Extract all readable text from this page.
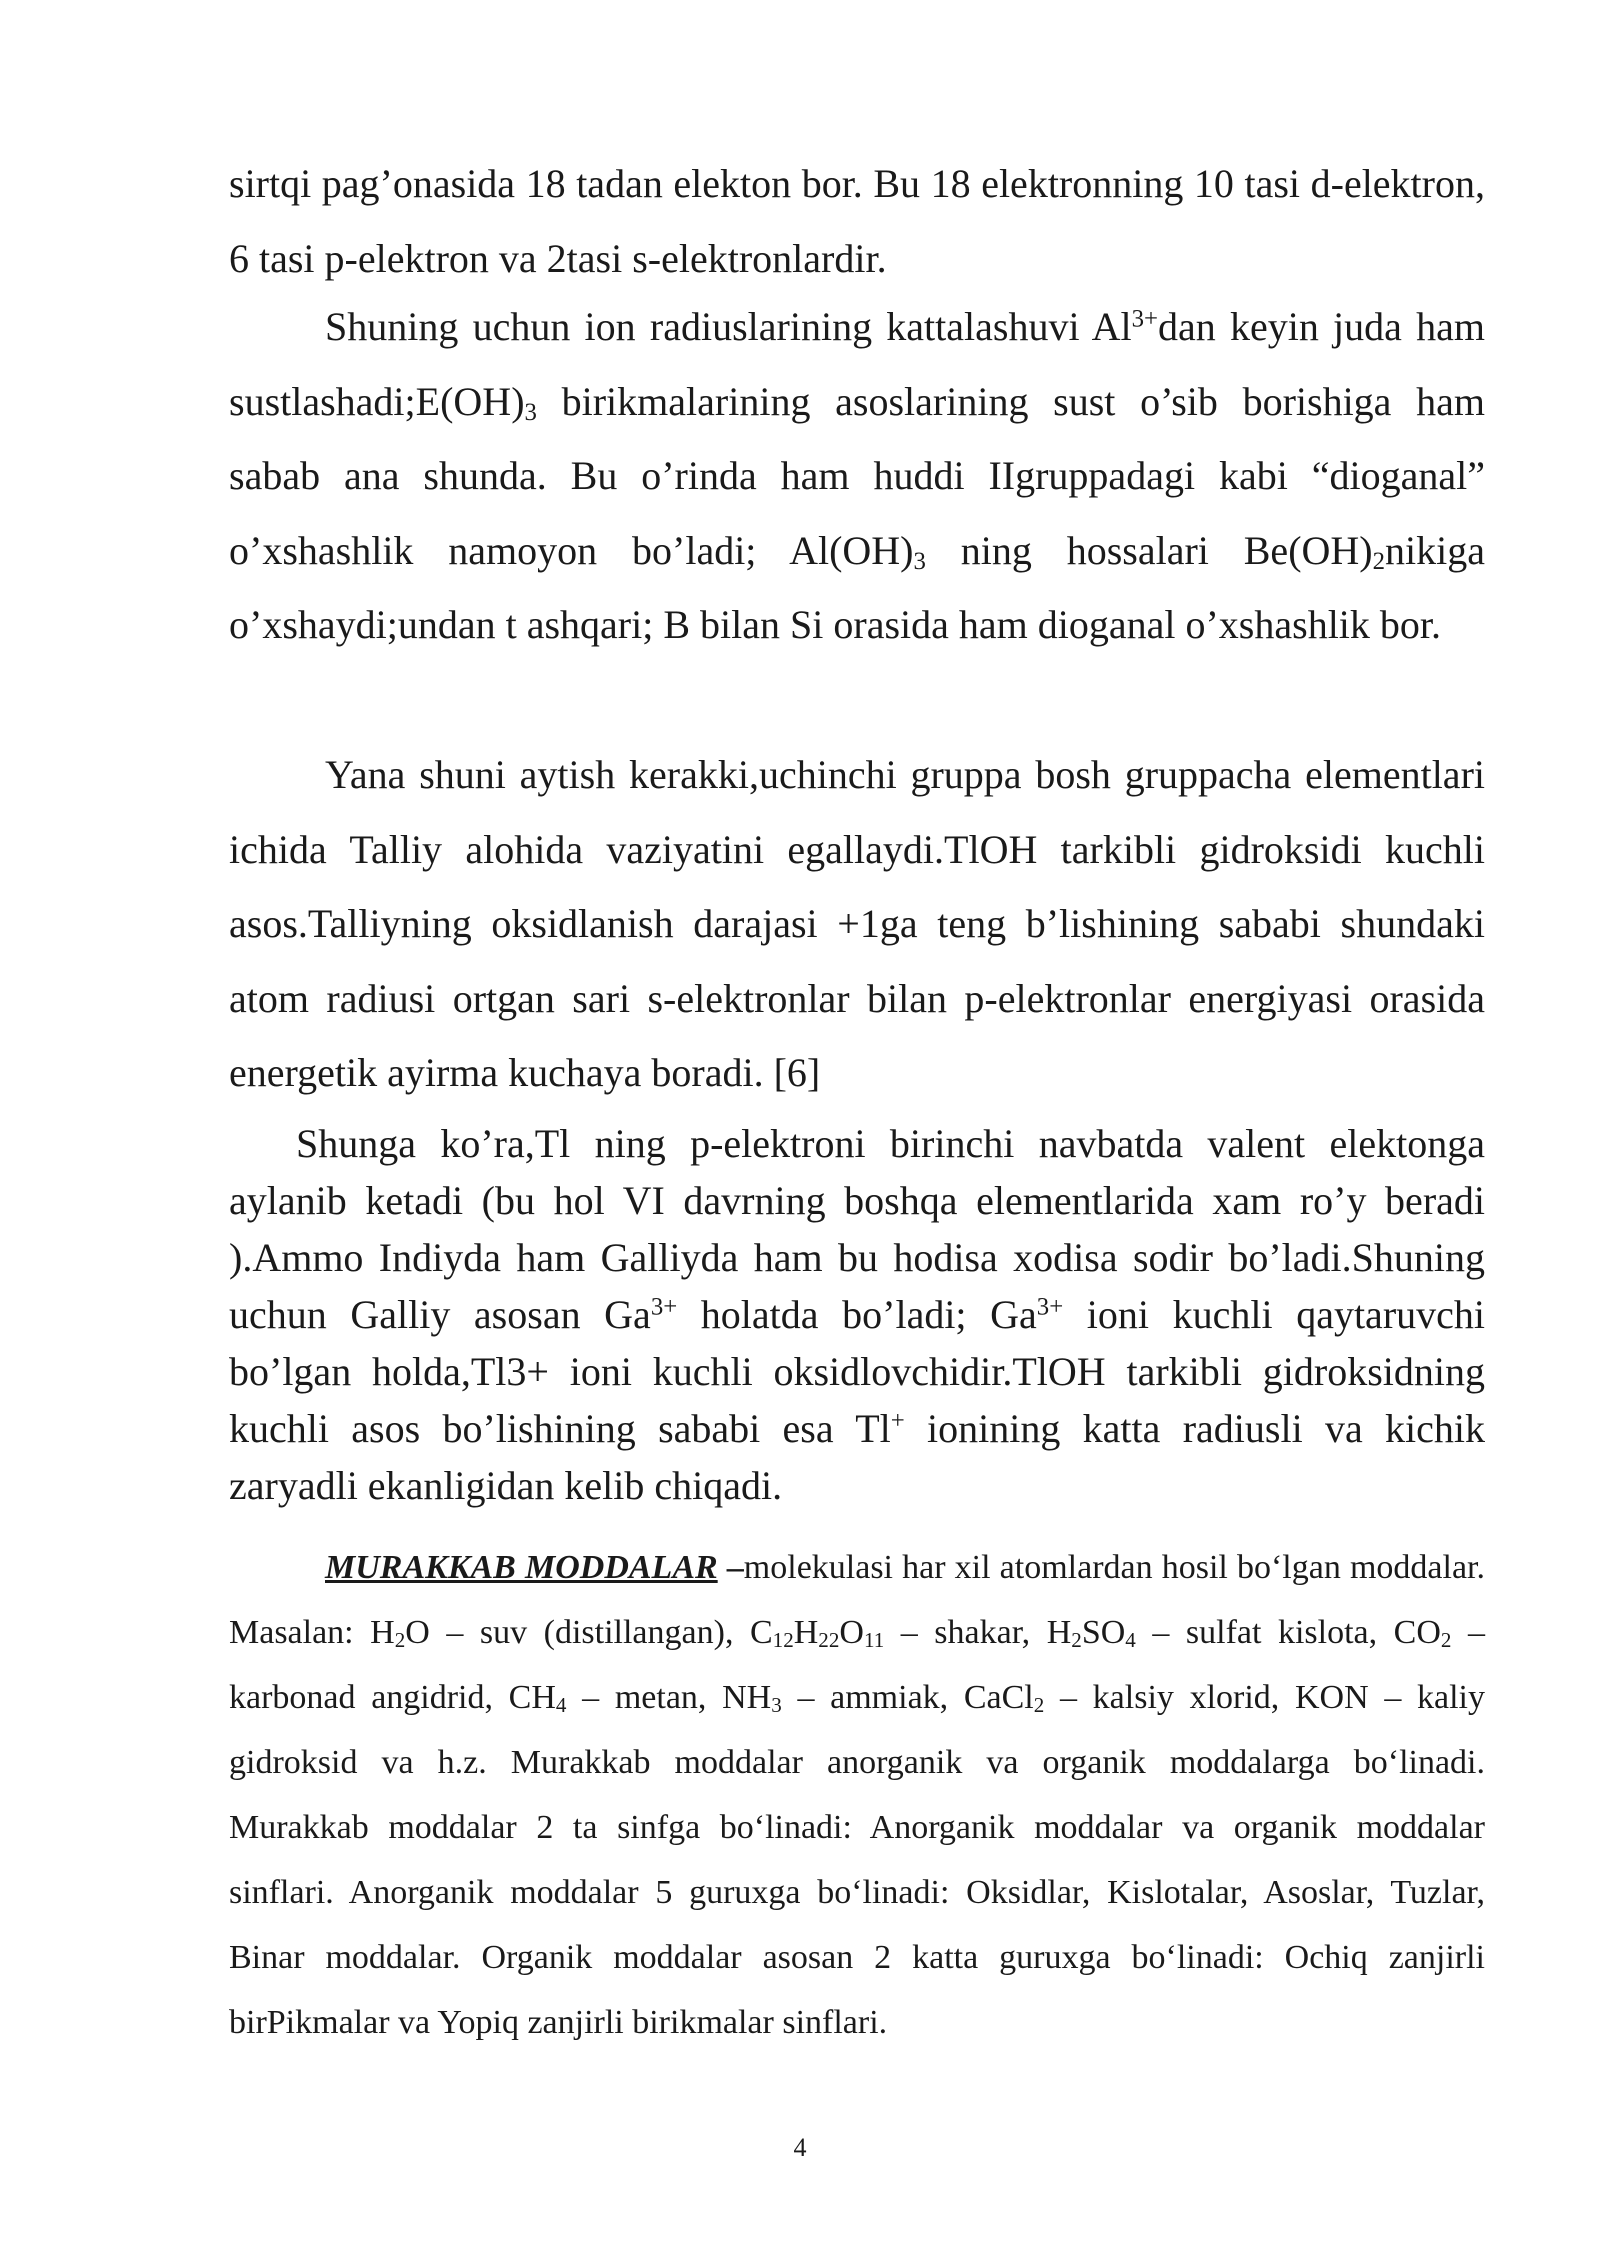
sirtqi pag’onasida 18 tadan elekton bor. Bu 18 elektronning 10 tasi d-elektron, 6 tasi p-elektron va 2tasi s-elektronlardir.

Shuning uchun ion radiuslarining kattalashuvi $Al^{3+}dan$ keyin juda ham $sustlashadi;E(OH)_3$ birikmalarining asoslarining sust o’sib borishiga ham sabab ana shunda. Bu o’rinda ham huddi IIgruppadagi kabi “dioganal” o’xshashlik namoyon bo’ladi; $Al(OH)_3$ ning hossalari $Be(OH)_2nikiga$ o’xshaydi;undan t ashqari; B bilan Si orasida ham dioganal o’xshashlik bor.

Yana shuni aytish kerakki,uchinchi gruppa bosh gruppacha elementlari ichida Talliy alohida vaziyatini egallaydi.TlOH tarkibli gidroksidi kuchli asos.Talliyning oksidlanish darajasi +1ga teng b’lishining sababi shundaki atom radiusi ortgan sari s-elektronlar bilan p-elektronlar energiyasi orasida energetik ayirma kuchaya boradi. [6]

Shunga ko’ra,Tl ning p-elektroni birinchi navbatda valent elektonga aylanib ketadi (bu hol VI davrning boshqa elementlarida xam ro’y beradi ).Ammo Indiyda ham Galliyda ham bu hodisa xodisa sodir bo’ladi.Shuning uchun Galliy asosan $Ga^{3+}$ holatda bo’ladi; $Ga^{3+}$ ioni kuchli qaytaruvchi bo’lgan holda,Tl3+ ioni kuchli oksidlovchidir.TlOH tarkibli gidroksidning kuchli asos bo’lishining sababi esa Tl+ ionining katta radiusli va kichik zaryadli ekanligidan kelib chiqadi.

MURAKKAB MODDALAR –molekulasi har xil atomlardan hosil bo‘lgan moddalar. Masalan: $H_2O$ – suv (distillangan), $C_{12}H_{22}O_{11}$ – shakar, $H_2SO_4$ – sulfat kislota, $CO_2$ – karbonad angidrid, $CH_4$ – metan, $NH_3$ – ammiak, CaCl$_2$ – kalsiy xlorid, KON – kaliy gidroksid va h.z. Murakkab moddalar anorganik va organik moddalarga bo‘linadi. Murakkab moddalar 2 ta sinfga bo‘linadi: Anorganik moddalar va organik moddalar sinflari. Anorganik moddalar 5 guruxga bo‘linadi: Oksidlar, Kislotalar, Asoslar, Tuzlar, Binar moddalar. Organik moddalar asosan 2 katta guruxga bo‘linadi: Ochiq zanjirli birPikmalar va Yopiq zanjirli birikmalar sinflari.

4
